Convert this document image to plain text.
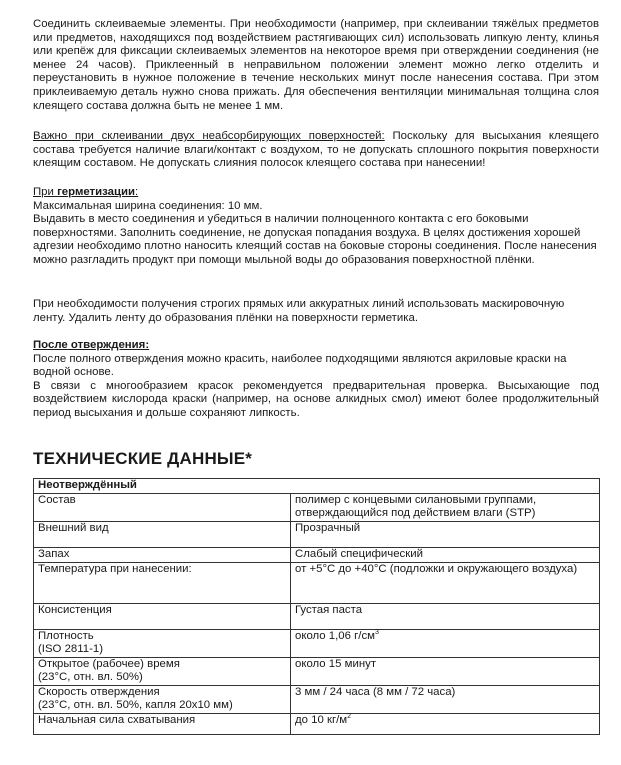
Соединить склеиваемые элементы. При необходимости (например, при склеивании тяжёлых предметов или предметов, находящихся под воздействием растягивающих сил) использовать липкую ленту, клинья или крепёж для фиксации склеиваемых элементов на некоторое время при отверждении соединения (не менее 24 часов). Приклеенный в неправильном положении элемент можно легко отделить и переустановить в нужное положение в течение нескольких минут после нанесения состава. При этом приклеиваемую деталь нужно снова прижать. Для обеспечения вентиляции минимальная толщина слоя клеящего состава должна быть не менее 1 мм.

Важно при склеивании двух неабсорбирующих поверхностей: Поскольку для высыхания клеящего состава требуется наличие влаги/контакт с воздухом, то не допускать сплошного покрытия поверхности клеящим составом. Не допускать слияния полосок клеящего состава при нанесении!

При герметизации:
Максимальная ширина соединения: 10 мм.
Выдавить в место соединения и убедиться в наличии полноценного контакта с его боковыми поверхностями. Заполнить соединение, не допуская попадания воздуха. В целях достижения хорошей адгезии необходимо плотно наносить клеящий состав на боковые стороны соединения. После нанесения можно разгладить продукт при помощи мыльной воды до образования поверхностной плёнки.

При необходимости получения строгих прямых или аккуратных линий использовать маскировочную ленту. Удалить ленту до образования плёнки на поверхности герметика.

После отверждения:
После полного отверждения можно красить, наиболее подходящими являются акриловые краски на водной основе.
В связи с многообразием красок рекомендуется предварительная проверка. Высыхающие под воздействием кислорода краски (например, на основе алкидных смол) имеют более продолжительный период высыхания и дольше сохраняют липкость.
ТЕХНИЧЕСКИЕ ДАННЫЕ*
Неотверждённый	
Состав	полимер с концевыми силановыми группами, отверждающийся под действием влаги (STP)
Внешний вид	Прозрачный
Запах	Слабый специфический
Температура при нанесении:	от +5°С до +40°С (подложки и окружающего воздуха)
Консистенция	Густая паста

Плотность
(ISO 2811-1)	около 1,06 $г/см^3$

Открытое (рабочее) время
(23°С, отн. вл. 50%)	около 15 минут

Скорость отверждения
(23°С, отн. вл. 50%, капля 20х10 мм)	3 мм / 24 часа (8 мм / 72 часа)
Начальная сила схватывания	до 10 $кг/м^2$
